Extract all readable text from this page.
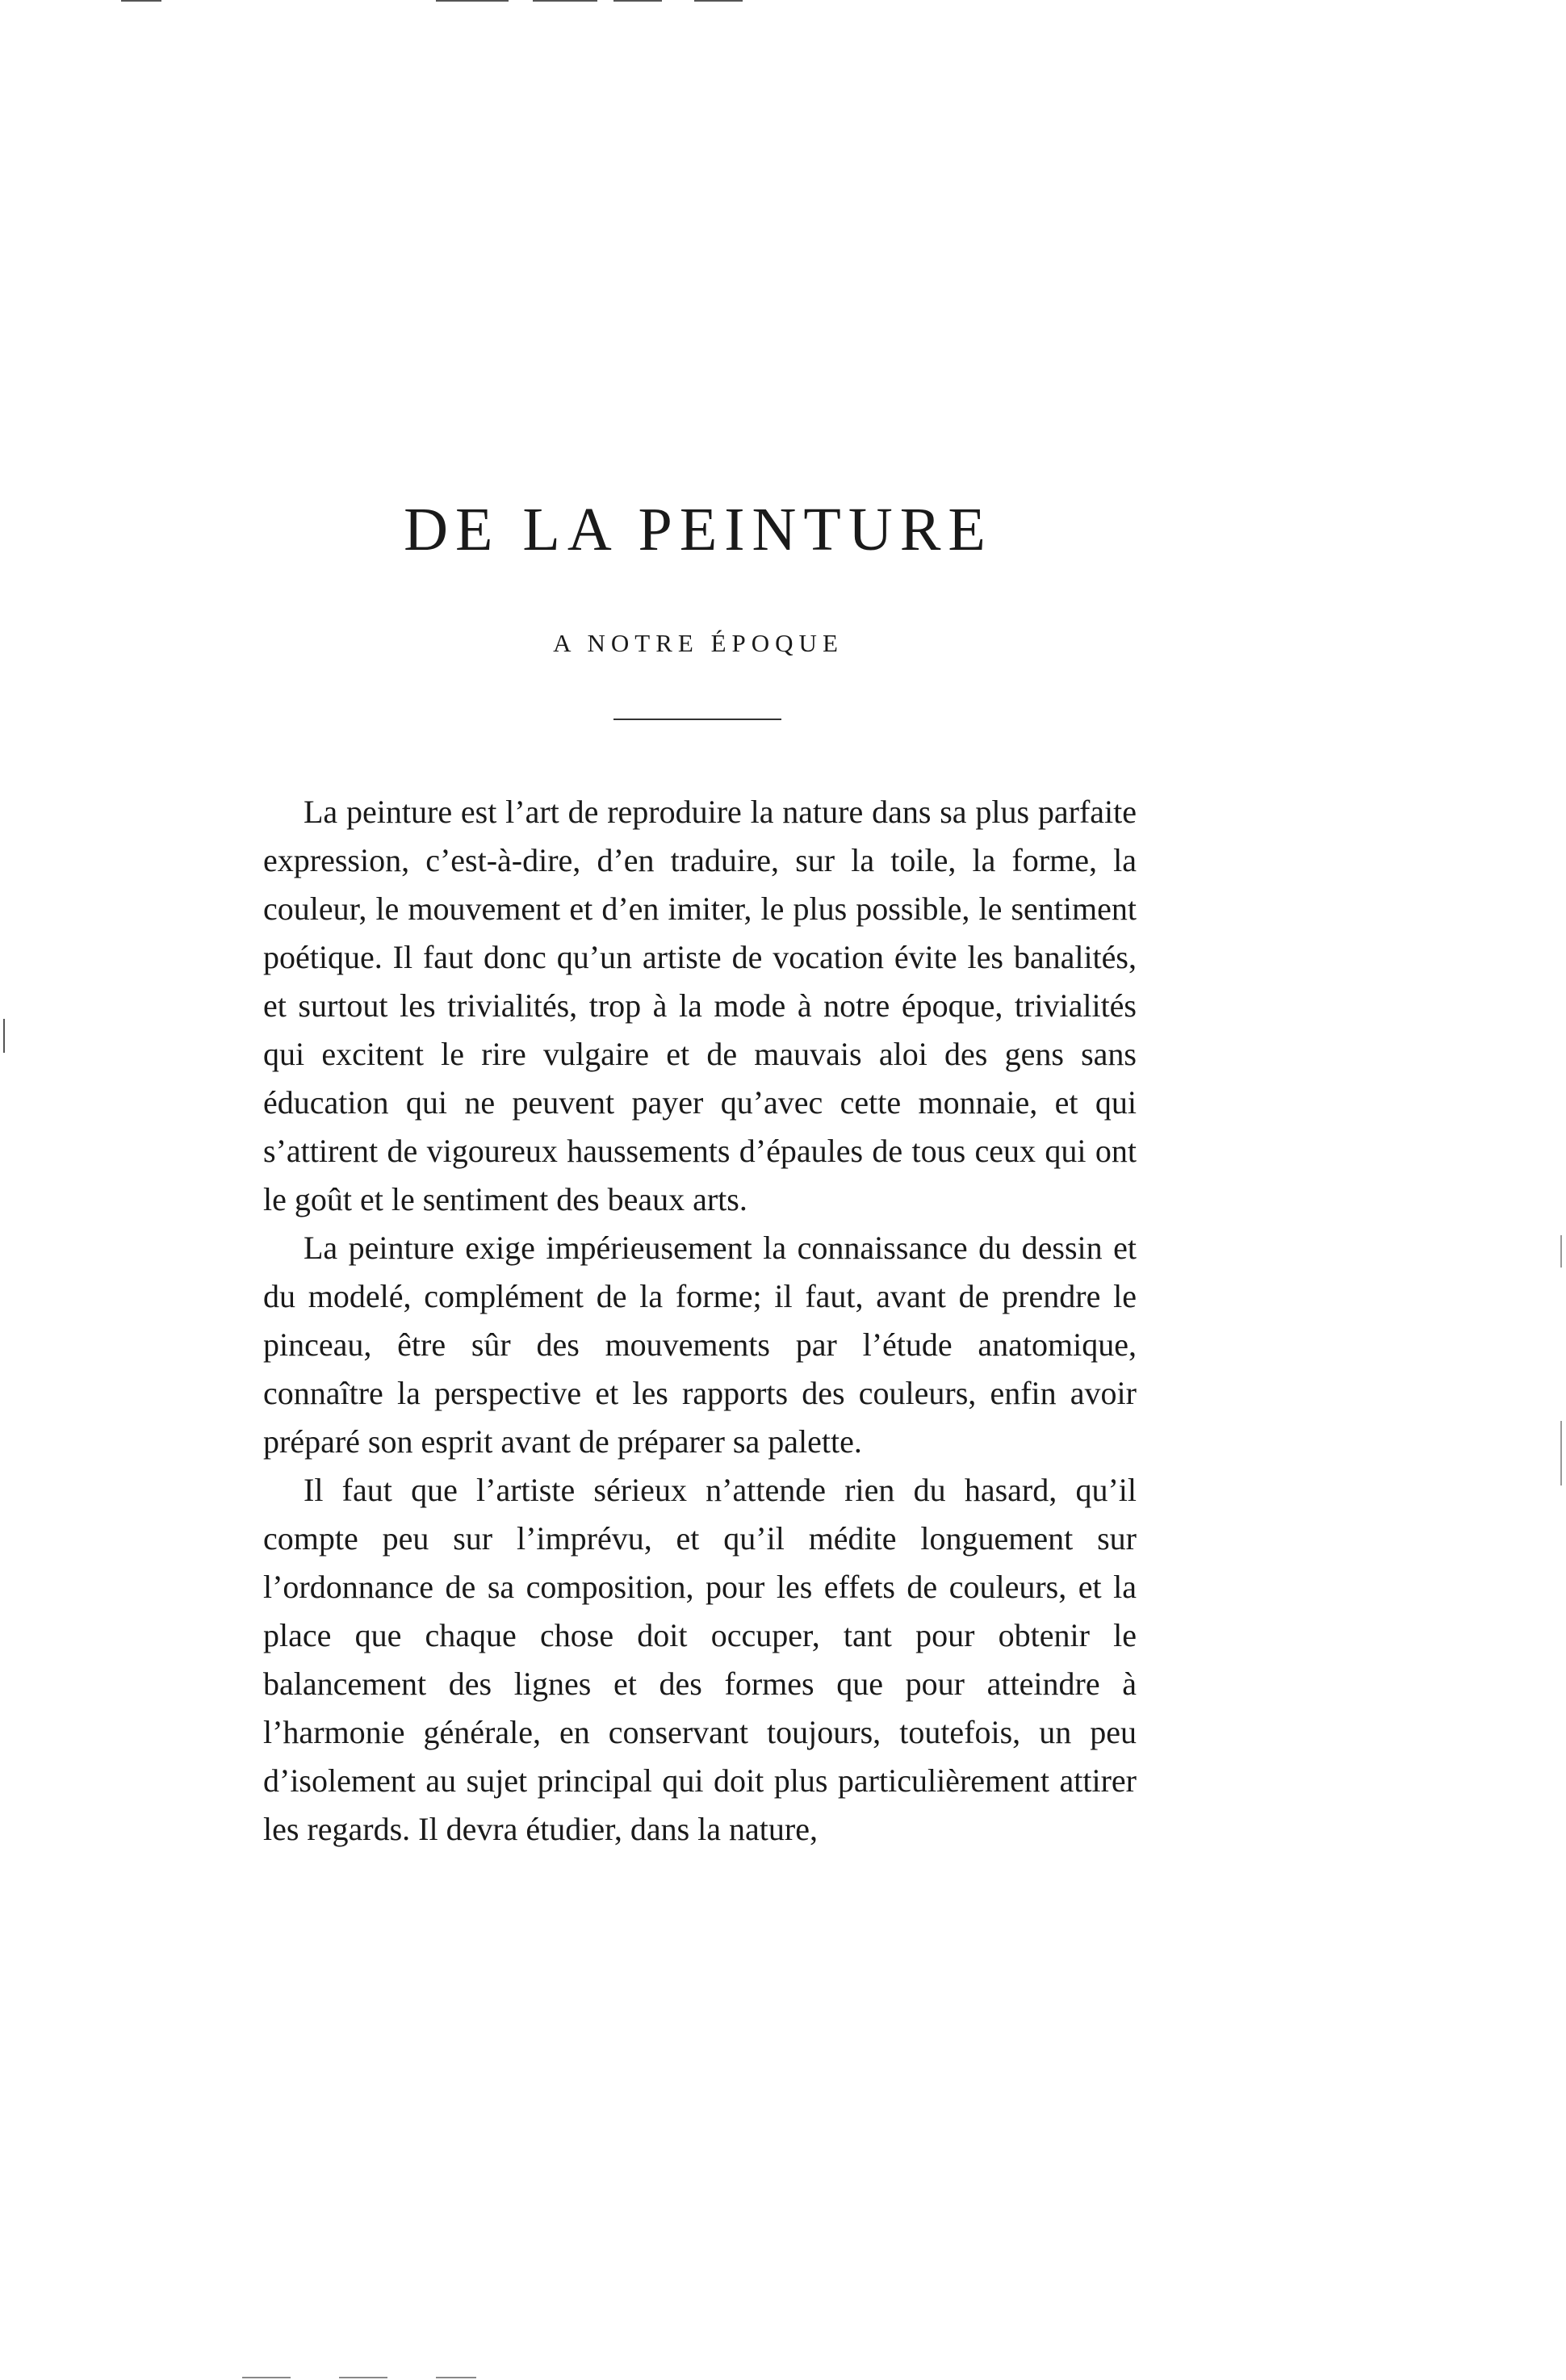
DE LA PEINTURE
A NOTRE ÉPOQUE

La peinture est l’art de reproduire la nature dans sa plus parfaite expression, c’est-à-dire, d’en traduire, sur la toile, la forme, la couleur, le mouvement et d’en imiter, le plus possible, le sentiment poétique. Il faut donc qu’un artiste de vocation évite les banalités, et surtout les trivialités, trop à la mode à notre époque, trivialités qui excitent le rire vulgaire et de mauvais aloi des gens sans éducation qui ne peuvent payer qu’avec cette monnaie, et qui s’attirent de vigoureux haussements d’épaules de tous ceux qui ont le goût et le sentiment des beaux arts.

La peinture exige impérieusement la connaissance du dessin et du modelé, complément de la forme; il faut, avant de prendre le pinceau, être sûr des mouvements par l’étude anatomique, connaître la perspective et les rapports des couleurs, enfin avoir préparé son esprit avant de préparer sa palette.

Il faut que l’artiste sérieux n’attende rien du hasard, qu’il compte peu sur l’imprévu, et qu’il médite longuement sur l’ordonnance de sa composition, pour les effets de couleurs, et la place que chaque chose doit occuper, tant pour obtenir le balancement des lignes et des formes que pour atteindre à l’harmonie générale, en conservant toujours, toutefois, un peu d’isolement au sujet principal qui doit plus particulièrement attirer les regards. Il devra étudier, dans la nature,
